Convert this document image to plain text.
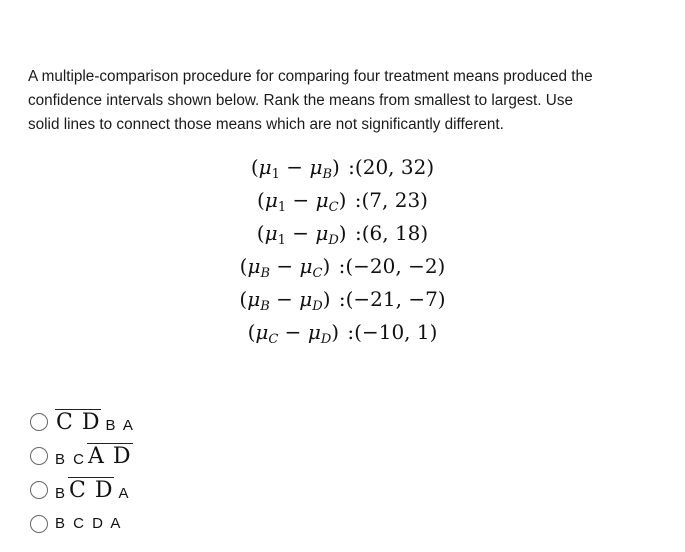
A multiple-comparison procedure for comparing four treatment means produced the
confidence intervals shown below. Rank the means from smallest to largest. Use
solid lines to connect those means which are not significantly different.
$(\mu_1 - \mu_B)$ :(20, 32)
$(\mu_1 - \mu_C)$ :(7, 23)
$(\mu_1 - \mu_D)$ :(6, 18)
$(\mu_B - \mu_C)$ :(−20, −2)
$(\mu_B - \mu_D)$ :(−21, −7)
$(\mu_C - \mu_D)$ :(−10, 1)
C D B A
B C A D
B C D A
B C D A
